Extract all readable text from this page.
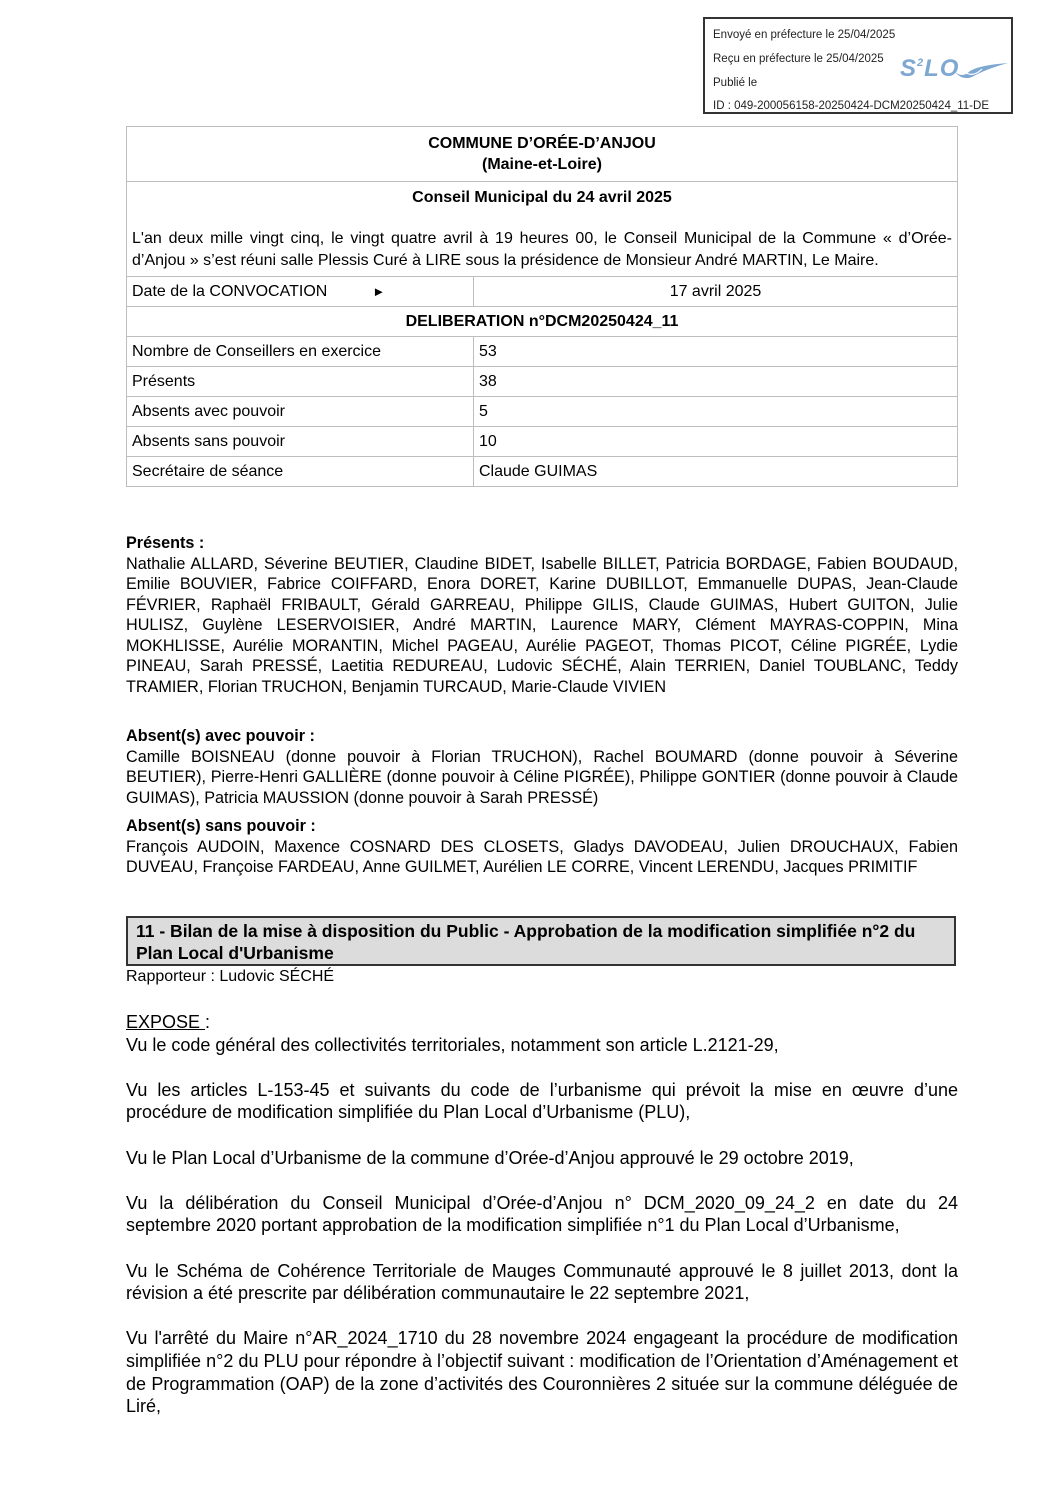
Envoyé en préfecture le 25/04/2025
Reçu en préfecture le 25/04/2025
Publié le
ID : 049-200056158-20250424-DCM20250424_11-DE
$S^2LO$
COMMUNE D’ORÉE-D’ANJOU
(Maine-et-Loire)	

Conseil Municipal du 24 avril 2025	
L'an deux mille vingt cinq, le vingt quatre avril à 19 heures 00, le Conseil Municipal de la Commune « d’Orée-d’Anjou » s’est réuni salle Plessis Curé à LIRE sous la présidence de Monsieur André MARTIN, Le Maire.	
Date de la CONVOCATION ►	17 avril 2025
DELIBERATION n°DCM20250424_11	
Nombre de Conseillers en exercice	53
Présents	38
Absents avec pouvoir	5
Absents sans pouvoir	10
Secrétaire de séance	Claude GUIMAS
Présents :
Nathalie ALLARD, Séverine BEUTIER, Claudine BIDET, Isabelle BILLET, Patricia BORDAGE, Fabien BOUDAUD, Emilie BOUVIER, Fabrice COIFFARD, Enora DORET, Karine DUBILLOT, Emmanuelle DUPAS, Jean-Claude FÉVRIER, Raphaël FRIBAULT, Gérald GARREAU, Philippe GILIS, Claude GUIMAS, Hubert GUITON, Julie HULISZ, Guylène LESERVOISIER, André MARTIN, Laurence MARY, Clément MAYRAS-COPPIN, Mina MOKHLISSE, Aurélie MORANTIN, Michel PAGEAU, Aurélie PAGEOT, Thomas PICOT, Céline PIGRÉE, Lydie PINEAU, Sarah PRESSÉ, Laetitia REDUREAU, Ludovic SÉCHÉ, Alain TERRIEN, Daniel TOUBLANC, Teddy TRAMIER, Florian TRUCHON, Benjamin TURCAUD, Marie-Claude VIVIEN
Absent(s) avec pouvoir :
Camille BOISNEAU (donne pouvoir à Florian TRUCHON), Rachel BOUMARD (donne pouvoir à Séverine BEUTIER), Pierre-Henri GALLIÈRE (donne pouvoir à Céline PIGRÉE), Philippe GONTIER (donne pouvoir à Claude GUIMAS), Patricia MAUSSION (donne pouvoir à Sarah PRESSÉ)
Absent(s) sans pouvoir :
François AUDOIN, Maxence COSNARD DES CLOSETS, Gladys DAVODEAU, Julien DROUCHAUX, Fabien DUVEAU, Françoise FARDEAU, Anne GUILMET, Aurélien LE CORRE, Vincent LERENDU, Jacques PRIMITIF
11 - Bilan de la mise à disposition du Public - Approbation de la modification simplifiée n°2 du Plan Local d'Urbanisme
Rapporteur : Ludovic SÉCHÉ
EXPOSE :

Vu le code général des collectivités territoriales, notamment son article L.2121-29,

Vu les articles L-153-45 et suivants du code de l’urbanisme qui prévoit la mise en œuvre d’une procédure de modification simplifiée du Plan Local d’Urbanisme (PLU),

Vu le Plan Local d’Urbanisme de la commune d’Orée-d’Anjou approuvé le 29 octobre 2019,

Vu la délibération du Conseil Municipal d’Orée-d’Anjou n° DCM_2020_09_24_2 en date du 24 septembre 2020 portant approbation de la modification simplifiée n°1 du Plan Local d’Urbanisme,

Vu le Schéma de Cohérence Territoriale de Mauges Communauté approuvé le 8 juillet 2013, dont la révision a été prescrite par délibération communautaire le 22 septembre 2021,

Vu l'arrêté du Maire n°AR_2024_1710 du 28 novembre 2024 engageant la procédure de modification simplifiée n°2 du PLU pour répondre à l’objectif suivant : modification de l’Orientation d’Aménagement et de Programmation (OAP) de la zone d’activités des Couronnières 2 située sur la commune déléguée de Liré,
